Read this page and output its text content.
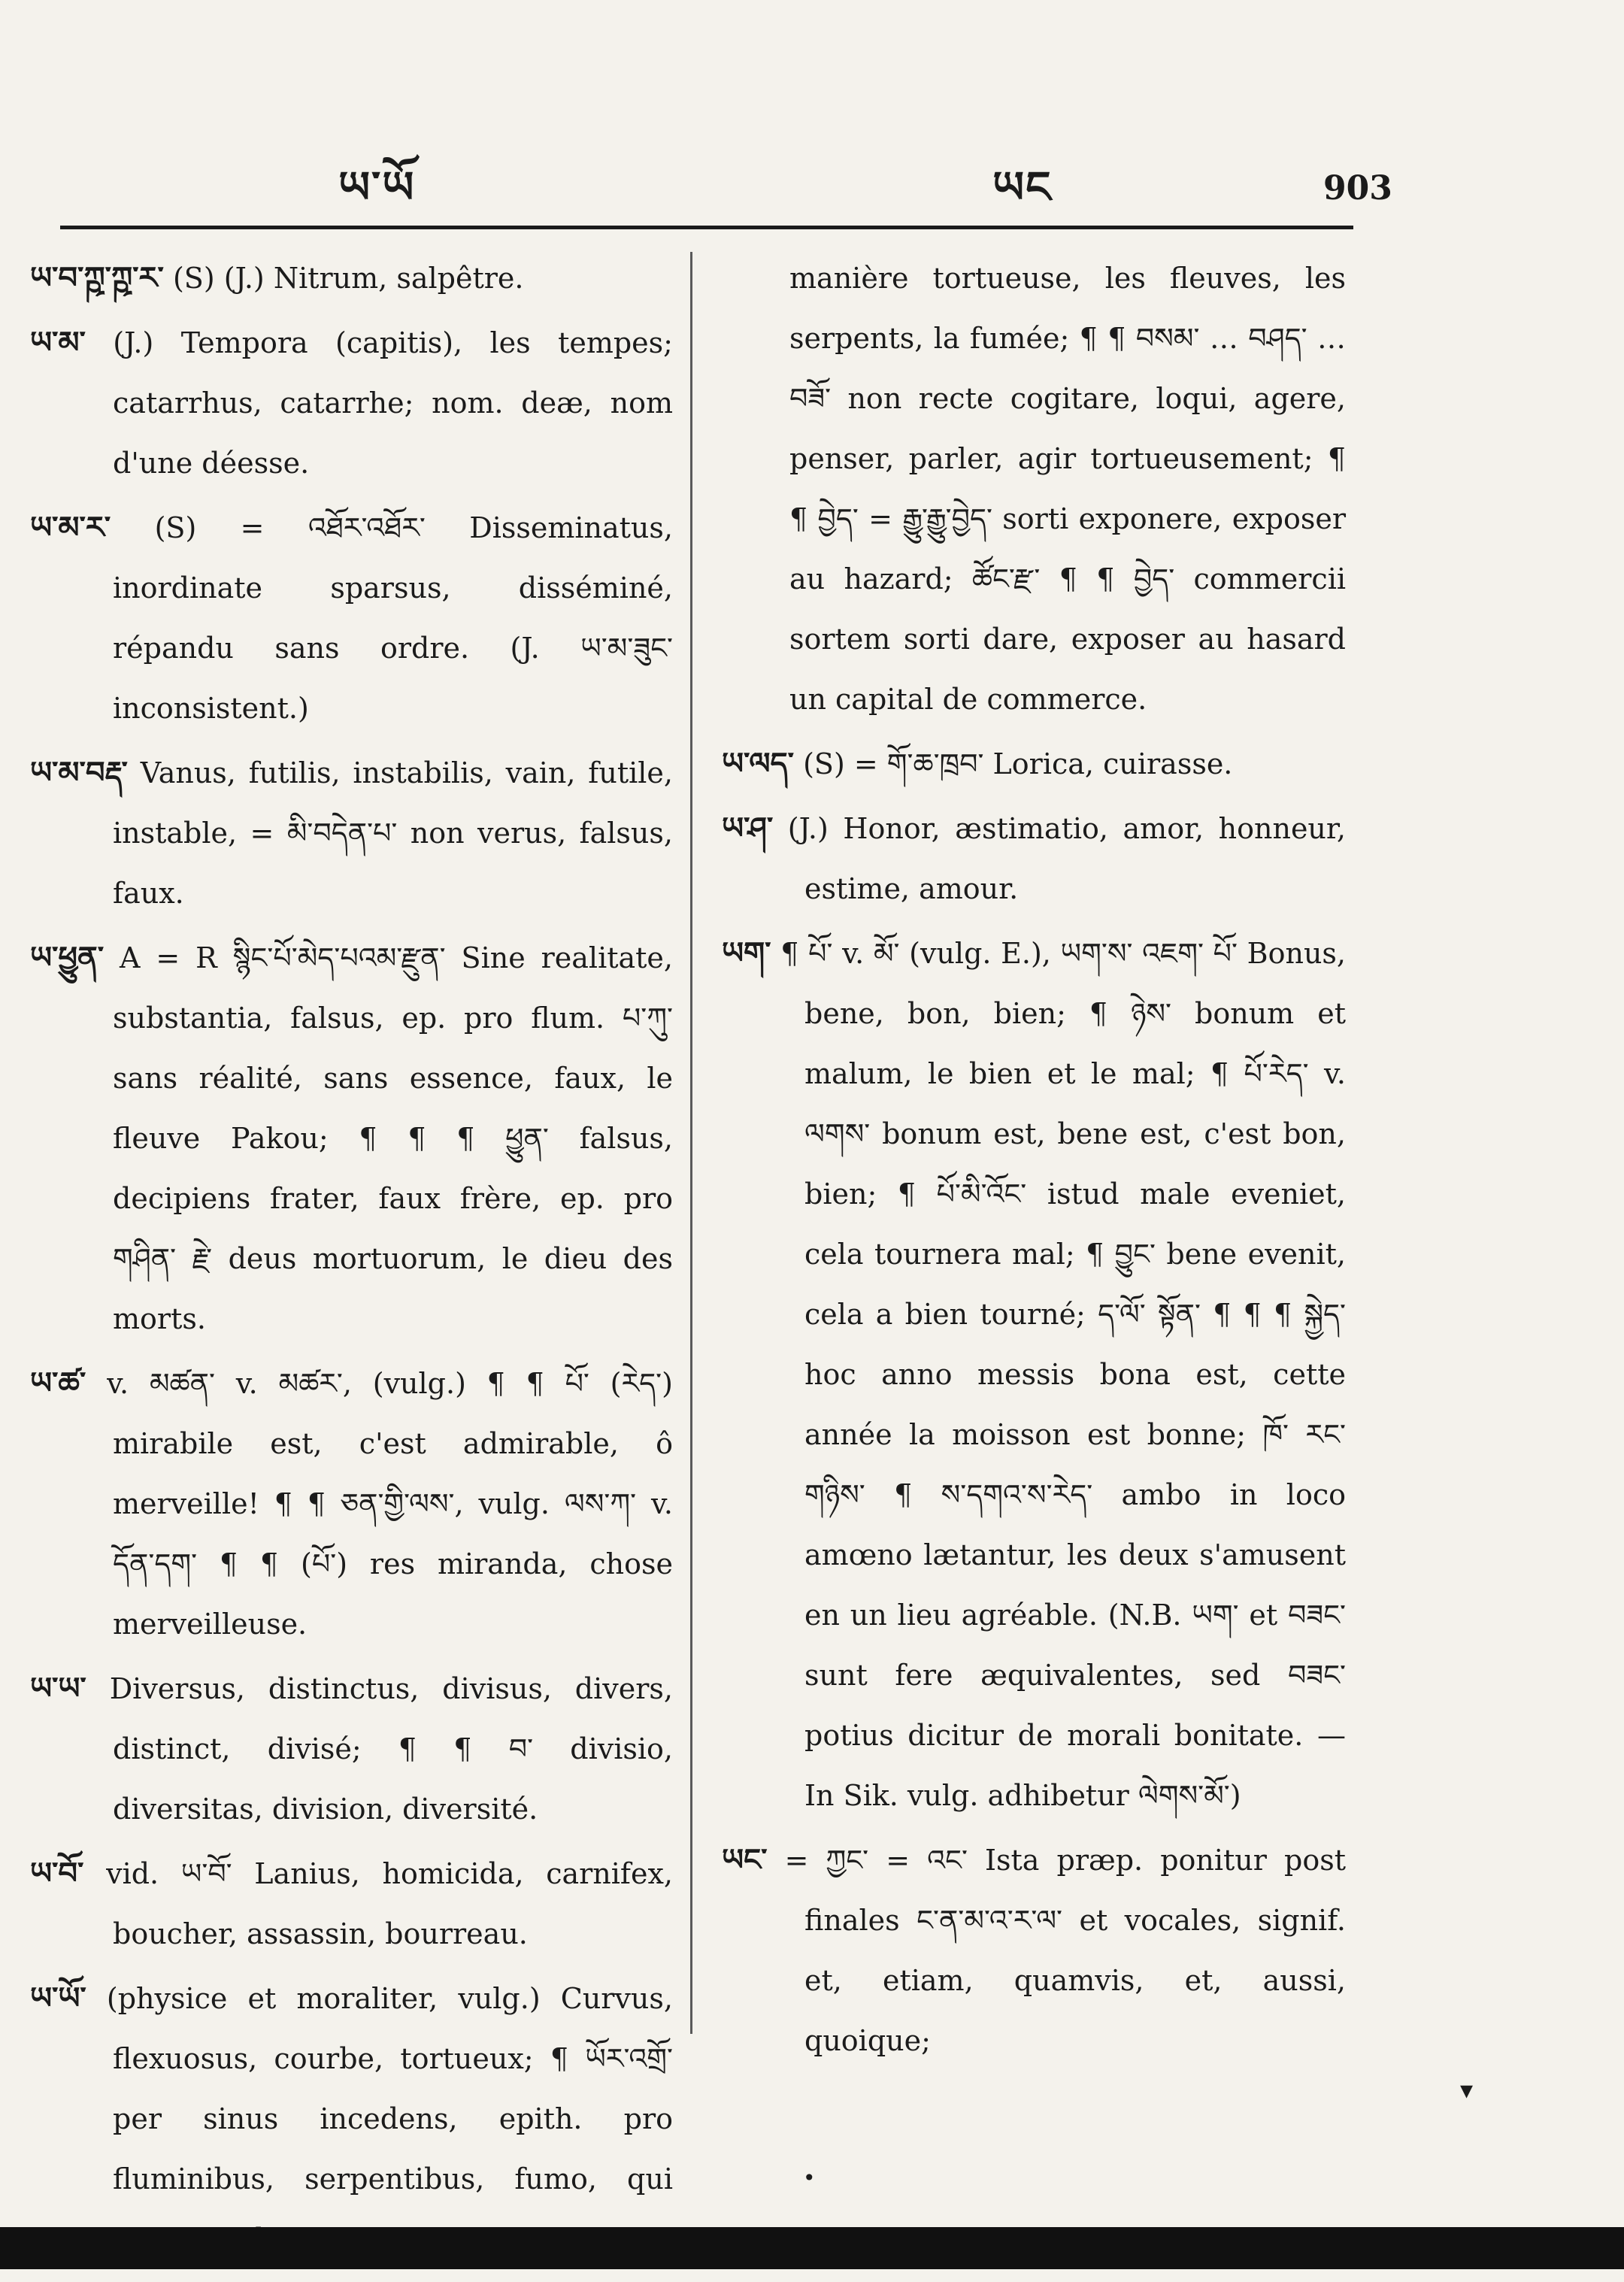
ཡ་ཡོ	ཡང	903

ཡ་བ་ཀྵ་ཀྵ་ར་ (S) (J.) Nitrum, salpêtre.

ཡ་མ་ (J.) Tempora (capitis), les tempes; catarrhus, catarrhe; nom. deæ, nom d'une déesse.

ཡ་མ་ར་ (S) = འཐོར་འཐོར་ Disseminatus, inordinate sparsus, disséminé, répandu sans ordre. (J. ཡ་མ་ཟུང་ inconsistent.)

ཡ་མ་བརྡ་ Vanus, futilis, instabilis, vain, futile, instable, = མི་བདེན་པ་ non verus, falsus, faux.

ཡ་ཕྱུན་ A = R སྙིང་པོ་མེད་པའམ་རྫུན་ Sine realitate, substantia, falsus, ep. pro flum. པ་ཀུ་ sans réalité, sans essence, faux, le fleuve Pakou; ¶ ¶ ¶ ཕྱུན་ falsus, decipiens frater, faux frère, ep. pro གཤིན་ རྗེ་ deus mortuorum, le dieu des morts.

ཡ་ཚ་ v. མཚན་ v. མཚར་, (vulg.) ¶ ¶ པོ་ (རེད་) mirabile est, c'est admirable, ô merveille! ¶ ¶ ཅན་གྱི་ལས་, vulg. ལས་ཀ་ v. དོན་དག་ ¶ ¶ (པོ་) res miranda, chose merveilleuse.

ཡ་ཡ་ Diversus, distinctus, divisus, divers, distinct, divisé; ¶ ¶ བ་ divisio, diversitas, division, diversité.

ཡ་བོ་ vid. ཡ་བོ་ Lanius, homicida, carnifex, boucher, assassin, bourreau.

ཡ་ཡོ་ (physice et moraliter, vulg.) Curvus, flexuosus, courbe, tortueux; ¶ ཡོར་འགྲོ་ per sinus incedens, epith. pro fluminibus, serpentibus, fumo, qui

manière tortueuse, les fleuves, les serpents, la fumée; ¶ ¶ བསམ་ … བཤད་ … བཟོ་ non recte cogitare, loqui, agere, penser, parler, agir tortueusement; ¶ ¶ བྱེད་ = རྒྱུ་རྒྱུ་བྱེད་ sorti exponere, exposer au hazard; ཚོང་རྫ་ ¶ ¶ བྱེད་ commercii sortem sorti dare, exposer au hasard un capital de commerce.

ཡ་ལད་ (S) = གོ་ཆ་ཁྲབ་ Lorica, cuirasse.

ཡ་ཤ་ (J.) Honor, æstimatio, amor, honneur, estime, amour.

ཡག་ ¶ པོ་ v. མོ་ (vulg. E.), ཡག་ས་ འཇག་ པོ་ Bonus, bene, bon, bien; ¶ ཉེས་ bonum et malum, le bien et le mal; ¶ པོ་རེད་ v. ལགས་ bonum est, bene est, c'est bon, bien; ¶ པོ་མི་འོང་ istud male eveniet, cela tournera mal; ¶ བྱུང་ bene evenit, cela a bien tourné; ད་ལོ་ སྟོན་ ¶ ¶ ¶ སྐྱེད་ hoc anno messis bona est, cette année la moisson est bonne; ཁོ་ རང་གཉིས་ ¶ ས་དགའ་ས་རེད་ ambo in loco amœno lætantur, les deux s'amusent en un lieu agréable. (N.B. ཡག་ et བཟང་ sunt fere æquivalentes, sed བཟང་ potius dicitur de morali bonitate. — In Sik. vulg. adhibetur ལེགས་མོ་)

ཡང་ = ཀྱང་ = འང་ Ista præp. ponitur post finales ང་ན་མ་འ་ར་ལ་ et vocales, signif. et, etiam, quamvis, et, aussi, quoique;

•
▾
